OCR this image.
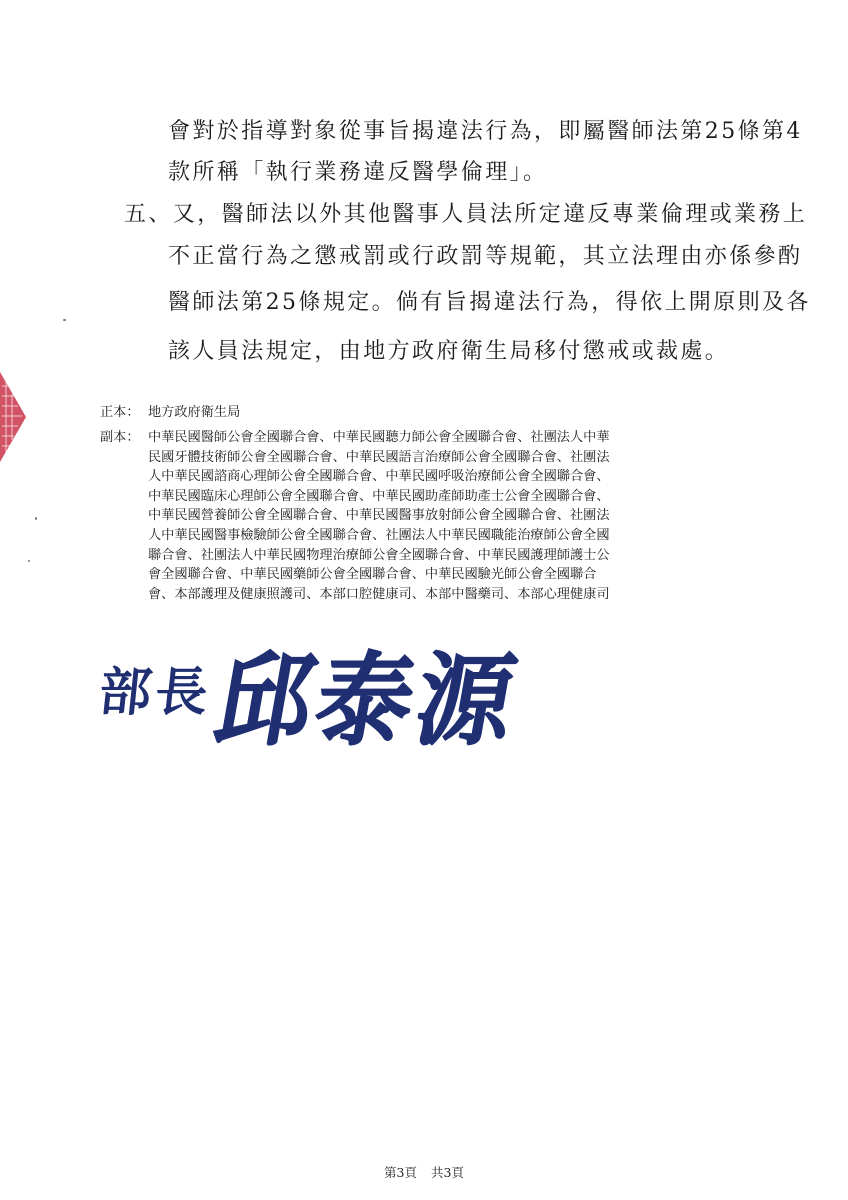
會對於指導對象從事旨揭違法行為，即屬醫師法第25條第4
款所稱「執行業務違反醫學倫理」。
五、又，醫師法以外其他醫事人員法所定違反專業倫理或業務上
不正當行為之懲戒罰或行政罰等規範，其立法理由亦係參酌
醫師法第25條規定。倘有旨揭違法行為，得依上開原則及各
該人員法規定，由地方政府衛生局移付懲戒或裁處。
正本： 地方政府衛生局
副本： 中華民國醫師公會全國聯合會、中華民國聽力師公會全國聯合會、社團法人中華
民國牙體技術師公會全國聯合會、中華民國語言治療師公會全國聯合會、社團法
人中華民國諮商心理師公會全國聯合會、中華民國呼吸治療師公會全國聯合會、
中華民國臨床心理師公會全國聯合會、中華民國助產師助產士公會全國聯合會、
中華民國營養師公會全國聯合會、中華民國醫事放射師公會全國聯合會、社團法
人中華民國醫事檢驗師公會全國聯合會、社團法人中華民國職能治療師公會全國
聯合會、社團法人中華民國物理治療師公會全國聯合會、中華民國護理師護士公
會全國聯合會、中華民國藥師公會全國聯合會、中華民國驗光師公會全國聯合
會、本部護理及健康照護司、本部口腔健康司、本部中醫藥司、本部心理健康司
部長
邱泰源
第3頁 共3頁
